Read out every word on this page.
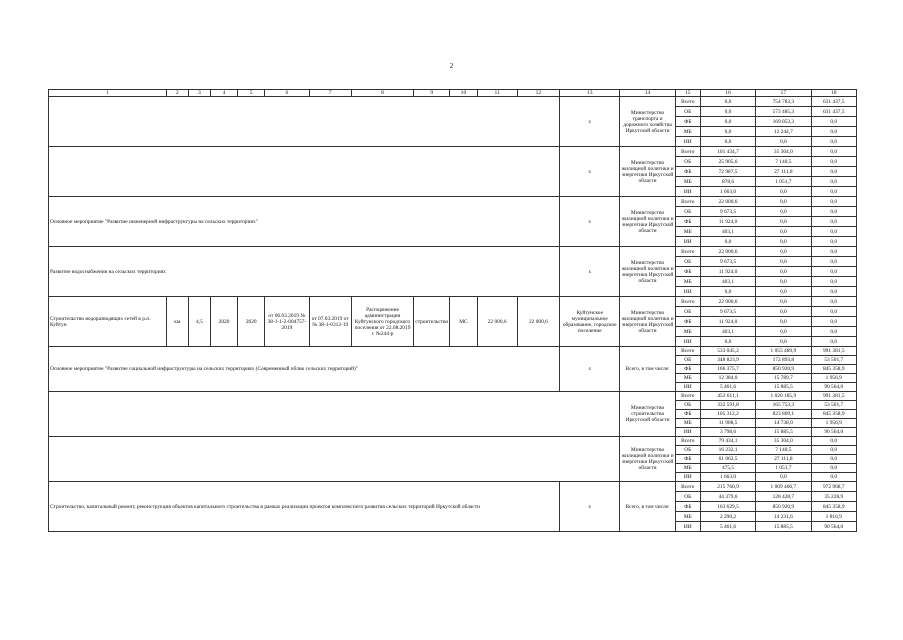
2
1	2	3	4	5	6	7	8	9	10	11	12	13	14	15	16	17	18
												х	Министерство транспорта и дорожного хозяйства Иркутской области	Всего	0,0	754 783,3	631 437,5
														ОБ	0,0	573 485,3	631 437,5
														ФБ	0,0	169 053,3	0,0
														МБ	0,0	12 244,7	0,0
														ИИ	0,0	0,0	0,0
												х	Министерство жилищной политики и энергетики Иркутской области	Всего	101 434,7	35 304,0	0,0
														ОБ	25 905,6	7 140,5	0,0
														ФБ	72 987,5	27 111,8	0,0
														МБ	878,6	1 051,7	0,0
														ИИ	1 663,0	0,0	0,0
Основное мероприятие "Развитие инженерной инфраструктуры на сельских территориях"												х	Министерство жилищной политики и энергетики Иркутской области	Всего	22 000,6	0,0	0,0
														ОБ	9 673,5	0,0	0,0
														ФБ	11 924,0	0,0	0,0
														МБ	403,1	0,0	0,0
														ИИ	0,0	0,0	0,0
Развитие водоснабжения на сельских территориях												х	Министерство жилищной политики и энергетики Иркутской области	Всего	22 000,6	0,0	0,0
														ОБ	9 673,5	0,0	0,0
														ФБ	11 924,0	0,0	0,0
														МБ	403,1	0,0	0,0
														ИИ	0,0	0,0	0,0
Строительство водоразводящих сетей в р.п. Куйтун	км	4,5	2020	2020	от 06.03.2019 № 38-1-1-2-004757-2019	от 07.03.2019 от № 38-1-0312-19	Распоряжение администрации Куйтунского городского поселения от 22.08.2019 г. №244-р	строительство	МС	22 000,6	22 000,6	Куйтунское муниципальное образование, городское поселение	Министерство жилищной политики и энергетики Иркутской области	Всего	22 000,6	0,0	0,0
														ОБ	9 673,5	0,0	0,0
														ФБ	11 924,0	0,0	0,0
														МБ	403,1	0,0	0,0
														ИИ	0,0	0,0	0,0
Основное мероприятие "Развитие социальной инфраструктуры на сельских территориях (Современный облик сельских территорий)"												х	Всего, в том числе:	Всего	533 045,2	1 055 489,9	991 381,5
														ОБ	348 823,9	172 893,8	53 501,7
														ФБ	166 375,7	850 920,9	845 358,9
														МБ	12 384,0	15 789,7	1 956,9
														ИИ	5 461,6	15 885,5	90 564,0
													Министерство строительства Иркутской области	Всего	453 611,1	1 020 185,9	991 381,5
														ОБ	332 591,8	165 753,3	53 501,7
														ФБ	105 312,2	823 809,1	845 358,9
														МБ	11 908,5	14 738,0	1 956,9
														ИИ	3 798,6	15 885,5	90 564,0
													Министерство жилищной политики и энергетики Иркутской области	Всего	79 434,1	35 304,0	0,0
														ОБ	16 232,1	7 140,5	0,0
														ФБ	61 063,5	27 111,8	0,0
														МБ	475,5	1 051,7	0,0
														ИИ	1 663,0	0,0	0,0
Строительство, капитальный ремонт, реконструкция объектов капитального строительства в рамках реализации проектов комплексного развития сельских территорий Иркутской области												х	Всего, в том числе:	Всего	215 760,9	1 009 466,7	972 968,7
														ОБ	44 379,6	128 428,7	35 228,9
														ФБ	163 629,5	850 920,9	845 358,9
														МБ	2 290,2	14 231,6	1 816,9
														ИИ	5 461,6	15 885,5	90 564,0
